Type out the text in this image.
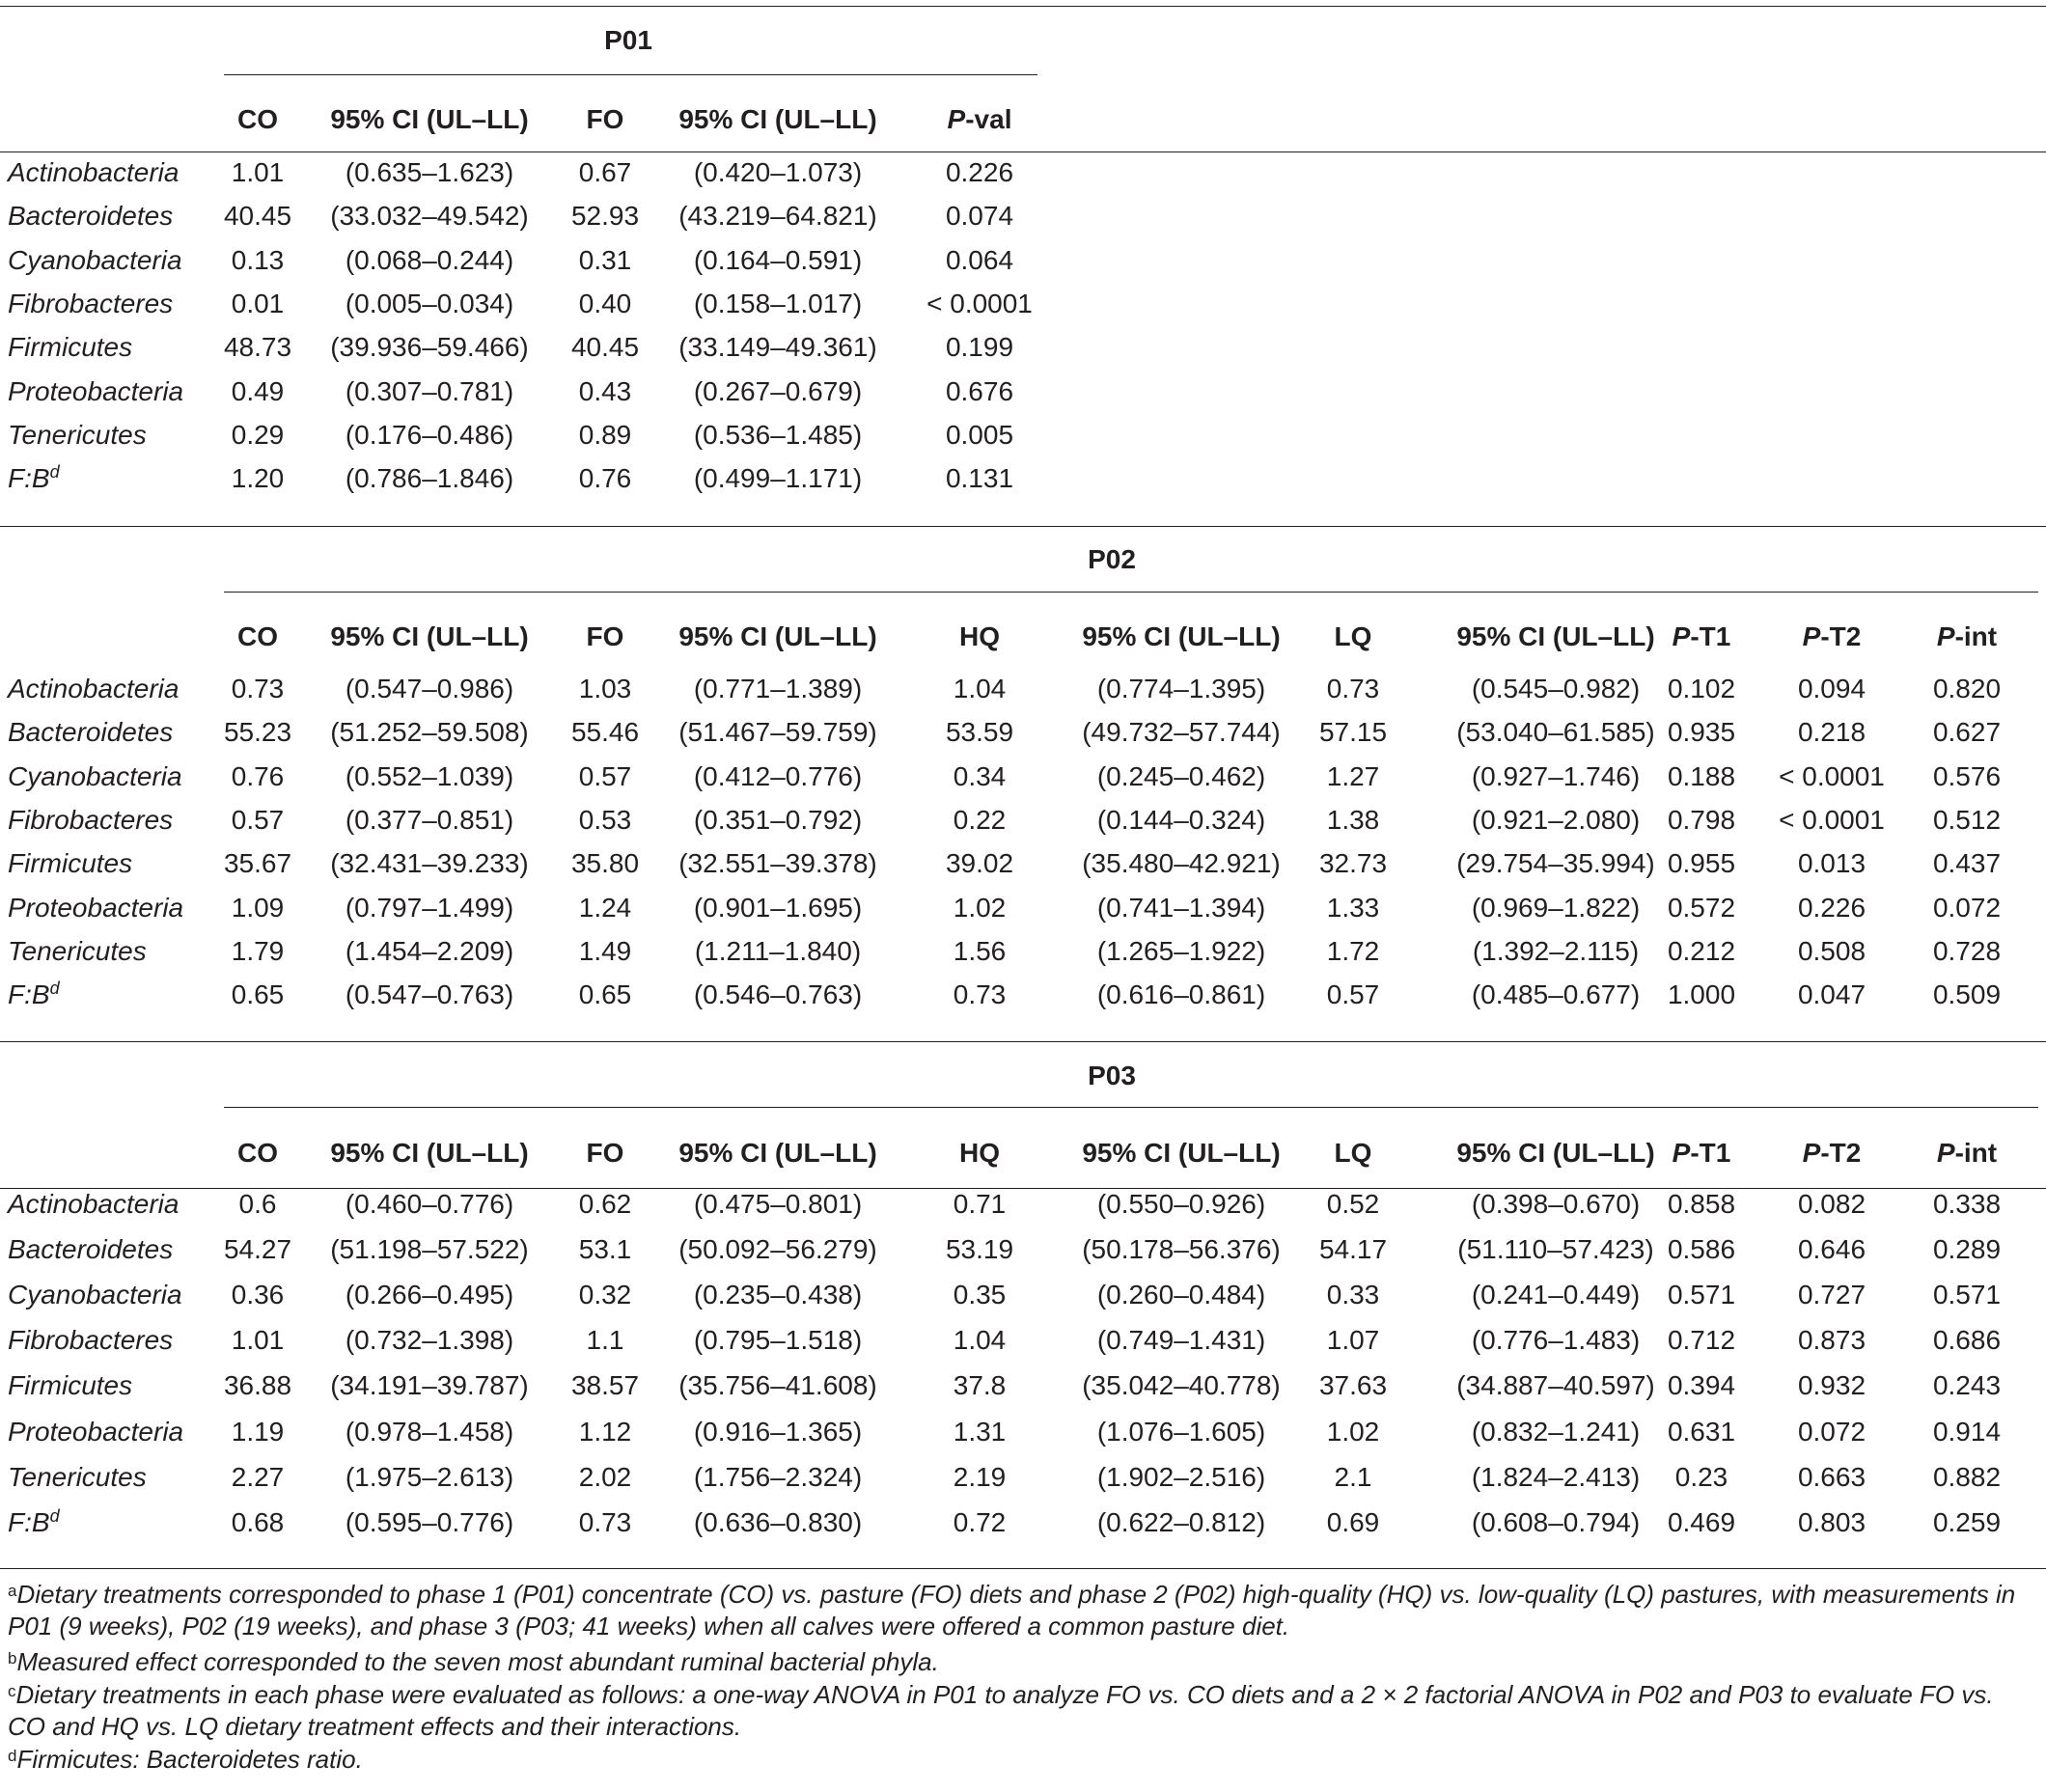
P01
CO	95% CI (UL–LL)	FO	95% CI (UL–LL)	P-val
Actinobacteria	1.01	(0.635–1.623)	0.67	(0.420–1.073)	0.226
Bacteroidetes	40.45	(33.032–49.542)	52.93	(43.219–64.821)	0.074
Cyanobacteria	0.13	(0.068–0.244)	0.31	(0.164–0.591)	0.064
Fibrobacteres	0.01	(0.005–0.034)	0.40	(0.158–1.017)	< 0.0001
Firmicutes	48.73	(39.936–59.466)	40.45	(33.149–49.361)	0.199
Proteobacteria	0.49	(0.307–0.781)	0.43	(0.267–0.679)	0.676
Tenericutes	0.29	(0.176–0.486)	0.89	(0.536–1.485)	0.005
$F:B^d$	1.20	(0.786–1.846)	0.76	(0.499–1.171)	0.131
P02
CO	95% CI (UL–LL)	FO	95% CI (UL–LL)	HQ	95% CI (UL–LL)	LQ	95% CI (UL–LL) P-T1	P-T2	P-int
Actinobacteria	0.73	(0.547–0.986)	1.03	(0.771–1.389)	1.04	(0.774–1.395)	0.73	(0.545–0.982)	0.102	0.094	0.820
Bacteroidetes	55.23	(51.252–59.508)	55.46	(51.467–59.759)	53.59	(49.732–57.744)	57.15	(53.040–61.585) 0.935	0.218	0.627
Cyanobacteria	0.76	(0.552–1.039)	0.57	(0.412–0.776)	0.34	(0.245–0.462)	1.27	(0.927–1.746)	0.188	< 0.0001	0.576
Fibrobacteres	0.57	(0.377–0.851)	0.53	(0.351–0.792)	0.22	(0.144–0.324)	1.38	(0.921–2.080)	0.798	< 0.0001	0.512
Firmicutes	35.67	(32.431–39.233)	35.80	(32.551–39.378)	39.02	(35.480–42.921)	32.73	(29.754–35.994) 0.955	0.013	0.437
Proteobacteria	1.09	(0.797–1.499)	1.24	(0.901–1.695)	1.02	(0.741–1.394)	1.33	(0.969–1.822)	0.572	0.226	0.072
Tenericutes	1.79	(1.454–2.209)	1.49	(1.211–1.840)	1.56	(1.265–1.922)	1.72	(1.392–2.115)	0.212	0.508	0.728
$F:B^d$	0.65	(0.547–0.763)	0.65	(0.546–0.763)	0.73	(0.616–0.861)	0.57	(0.485–0.677)	1.000	0.047	0.509
P03
CO	95% CI (UL–LL)	FO	95% CI (UL–LL)	HQ	95% CI (UL–LL)	LQ	95% CI (UL–LL) P-T1	P-T2	P-int
Actinobacteria	0.6	(0.460–0.776)	0.62	(0.475–0.801)	0.71	(0.550–0.926)	0.52	(0.398–0.670)	0.858	0.082	0.338
Bacteroidetes	54.27	(51.198–57.522)	53.1	(50.092–56.279)	53.19	(50.178–56.376)	54.17	(51.110–57.423) 0.586	0.646	0.289
Cyanobacteria	0.36	(0.266–0.495)	0.32	(0.235–0.438)	0.35	(0.260–0.484)	0.33	(0.241–0.449)	0.571	0.727	0.571
Fibrobacteres	1.01	(0.732–1.398)	1.1	(0.795–1.518)	1.04	(0.749–1.431)	1.07	(0.776–1.483)	0.712	0.873	0.686
Firmicutes	36.88	(34.191–39.787)	38.57	(35.756–41.608)	37.8	(35.042–40.778)	37.63	(34.887–40.597) 0.394	0.932	0.243
Proteobacteria	1.19	(0.978–1.458)	1.12	(0.916–1.365)	1.31	(1.076–1.605)	1.02	(0.832–1.241)	0.631	0.072	0.914
Tenericutes	2.27	(1.975–2.613)	2.02	(1.756–2.324)	2.19	(1.902–2.516)	2.1	(1.824–2.413)	0.23	0.663	0.882
$F:B^d$	0.68	(0.595–0.776)	0.73	(0.636–0.830)	0.72	(0.622–0.812)	0.69	(0.608–0.794)	0.469	0.803	0.259
$^a$Dietary treatments corresponded to phase 1 (P01) concentrate (CO) vs. pasture (FO) diets and phase 2 (P02) high-quality (HQ) vs. low-quality (LQ) pastures, with measurements in P01 (9 weeks), P02 (19 weeks), and phase 3 (P03; 41 weeks) when all calves were offered a common pasture diet.
$^b$Measured effect corresponded to the seven most abundant ruminal bacterial phyla.
$^c$Dietary treatments in each phase were evaluated as follows: a one-way ANOVA in P01 to analyze FO vs. CO diets and a 2 × 2 factorial ANOVA in P02 and P03 to evaluate FO vs. CO and HQ vs. LQ dietary treatment effects and their interactions.
$^d$Firmicutes: Bacteroidetes ratio.
